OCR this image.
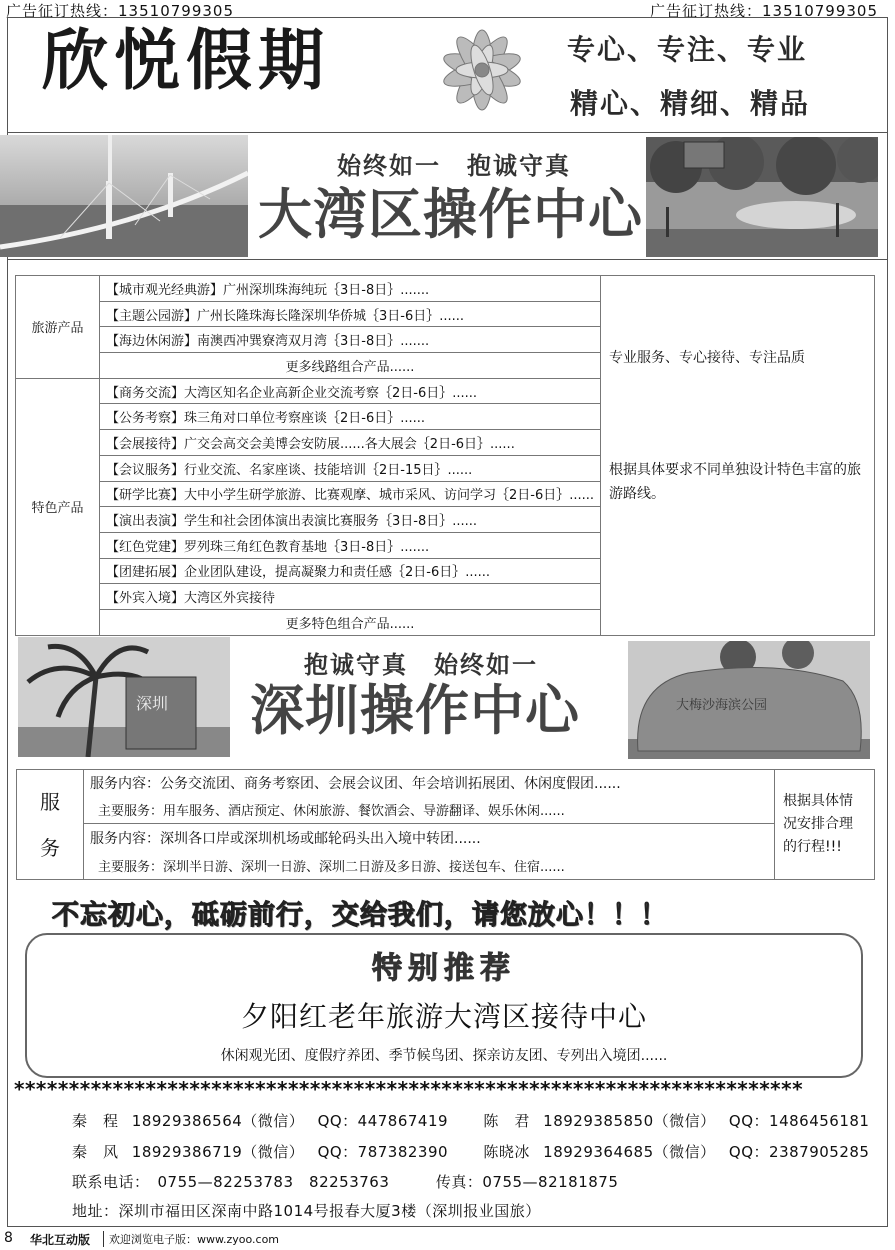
广告征订热线：13510799305	广告征订热线：13510799305
欣悦假期	专心、专注、专业
精心、精细、精品
始终如一　抱诚守真
大湾区操作中心
旅游产品	【城市观光经典游】广州深圳珠海纯玩｛3日-8日｝.......	专业服务、专心接待、专注品质
根据具体要求不同单独设计特色丰富的旅游路线。

	【主题公园游】广州长隆珠海长隆深圳华侨城｛3日-6日｝......	
	【海边休闲游】南澳西冲巽寮湾双月湾｛3日-8日｝.......	
	更多线路组合产品......	
特色产品	【商务交流】大湾区知名企业高新企业交流考察｛2日-6日｝......	
	【公务考察】珠三角对口单位考察座谈｛2日-6日｝......	
	【会展接待】广交会高交会美博会安防展......各大展会｛2日-6日｝......	
	【会议服务】行业交流、名家座谈、技能培训｛2日-15日｝......	
	【研学比赛】大中小学生研学旅游、比赛观摩、城市采风、访问学习｛2日-6日｝......	
	【演出表演】学生和社会团体演出表演比赛服务｛3日-8日｝......	
	【红色党建】罗列珠三角红色教育基地｛3日-8日｝.......	
	【团建拓展】企业团队建设，提高凝聚力和责任感｛2日-6日｝......	
	【外宾入境】大湾区外宾接待	
	更多特色组合产品......	
深圳
抱诚守真　始终如一
深圳操作中心	大梅沙海滨公园
服
务
	服务内容：公务交流团、商务考察团、会展会议团、年会培训拓展团、休闲度假团......	根据具体情况安排合理的行程!!!
主要服务：用车服务、酒店预定、休闲旅游、餐饮酒会、导游翻译、娱乐休闲......
服务内容：深圳各口岸或深圳机场或邮轮码头出入境中转团......
主要服务：深圳半日游、深圳一日游、深圳二日游及多日游、接送包车、住宿......
不忘初心，砥砺前行，交给我们，请您放心！！！
特别推荐
夕阳红老年旅游大湾区接待中心
休闲观光团、度假疗养团、季节候鸟团、探亲访友团、专列出入境团......
************************************************************************
秦　程 18929386564（微信） QQ：447867419 陈　君 18929385850（微信） QQ：1486456181
秦　风 18929386719（微信） QQ：787382390 陈晓冰 18929364685（微信） QQ：2387905285
联系电话：　0755—82253783　82253763　　　传真：0755—82181875
地址：深圳市福田区深南中路1014号报春大厦3楼（深圳报业国旅）
8 华北互动版	欢迎浏览电子版：www.zyoo.com
